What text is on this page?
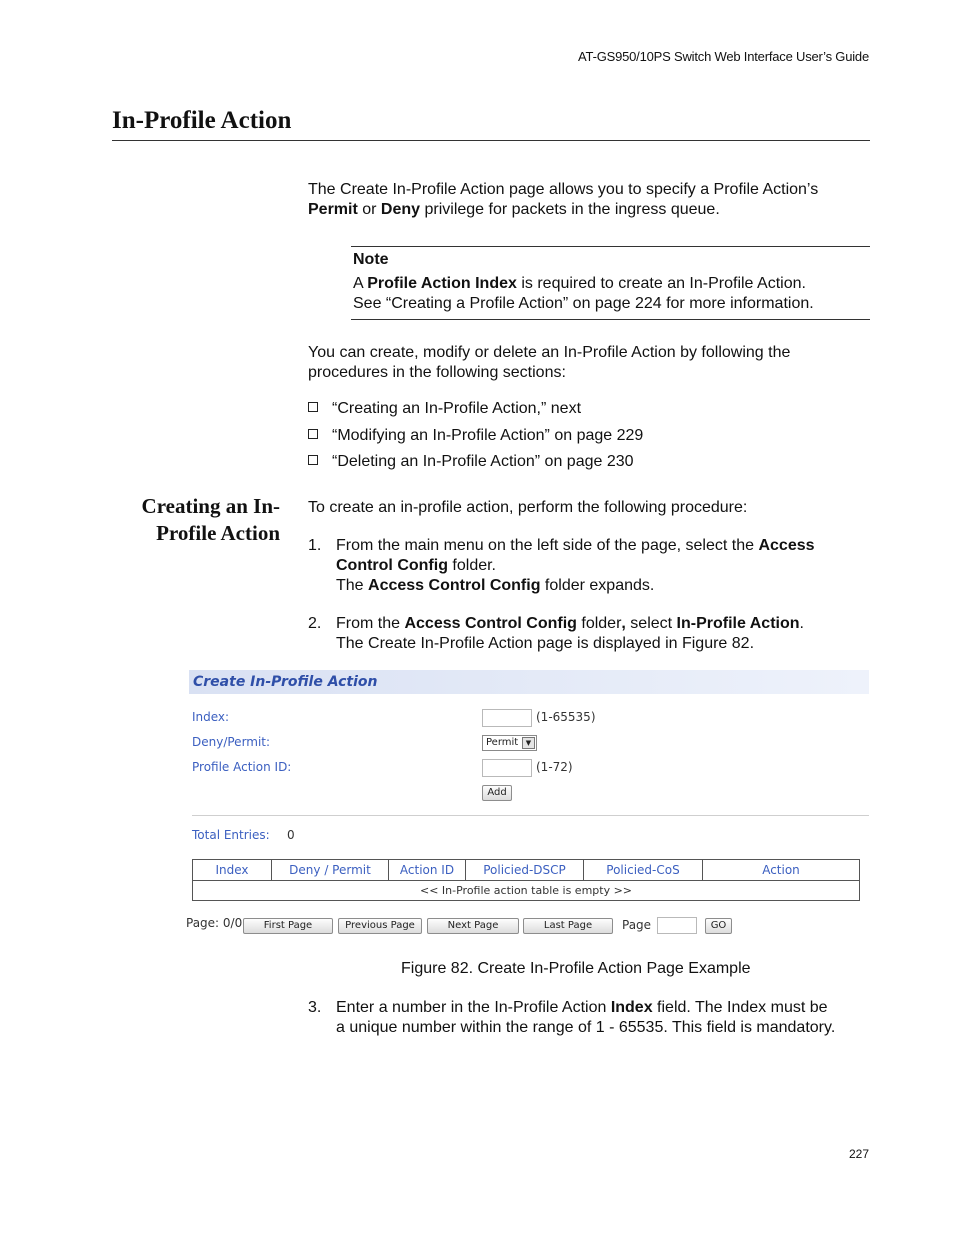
AT-GS950/10PS Switch Web Interface User’s Guide
In-Profile Action
The Create In-Profile Action page allows you to specify a Profile Action’s
Permit or Deny privilege for packets in the ingress queue.
Note
A Profile Action Index is required to create an In-Profile Action.
See “Creating a Profile Action” on page 224 for more information.
You can create, modify or delete an In-Profile Action by following the
procedures in the following sections:
“Creating an In-Profile Action,” next
“Modifying an In-Profile Action” on page 229
“Deleting an In-Profile Action” on page 230
Creating an In-
Profile Action
To create an in-profile action, perform the following procedure:
1. From the main menu on the left side of the page, select the Access
Control Config folder.
The Access Control Config folder expands.
2. From the Access Control Config folder, select In-Profile Action.
The Create In-Profile Action page is displayed in Figure 82.
Create In-Profile Action
Index:	(1-65535)
Deny/Permit:	Permit	▼
Profile Action ID:	(1-72)
Add
Total Entries: 0
Index	Deny / Permit	Action ID	Policied-DSCP	Policied-CoS	Action
<< In-Profile action table is empty >>
Page: 0/0	First Page	Previous Page	Next Page	Last Page	Page	GO
Figure 82. Create In-Profile Action Page Example
3. Enter a number in the In-Profile Action Index field. The Index must be
a unique number within the range of 1 - 65535. This field is mandatory.
227
